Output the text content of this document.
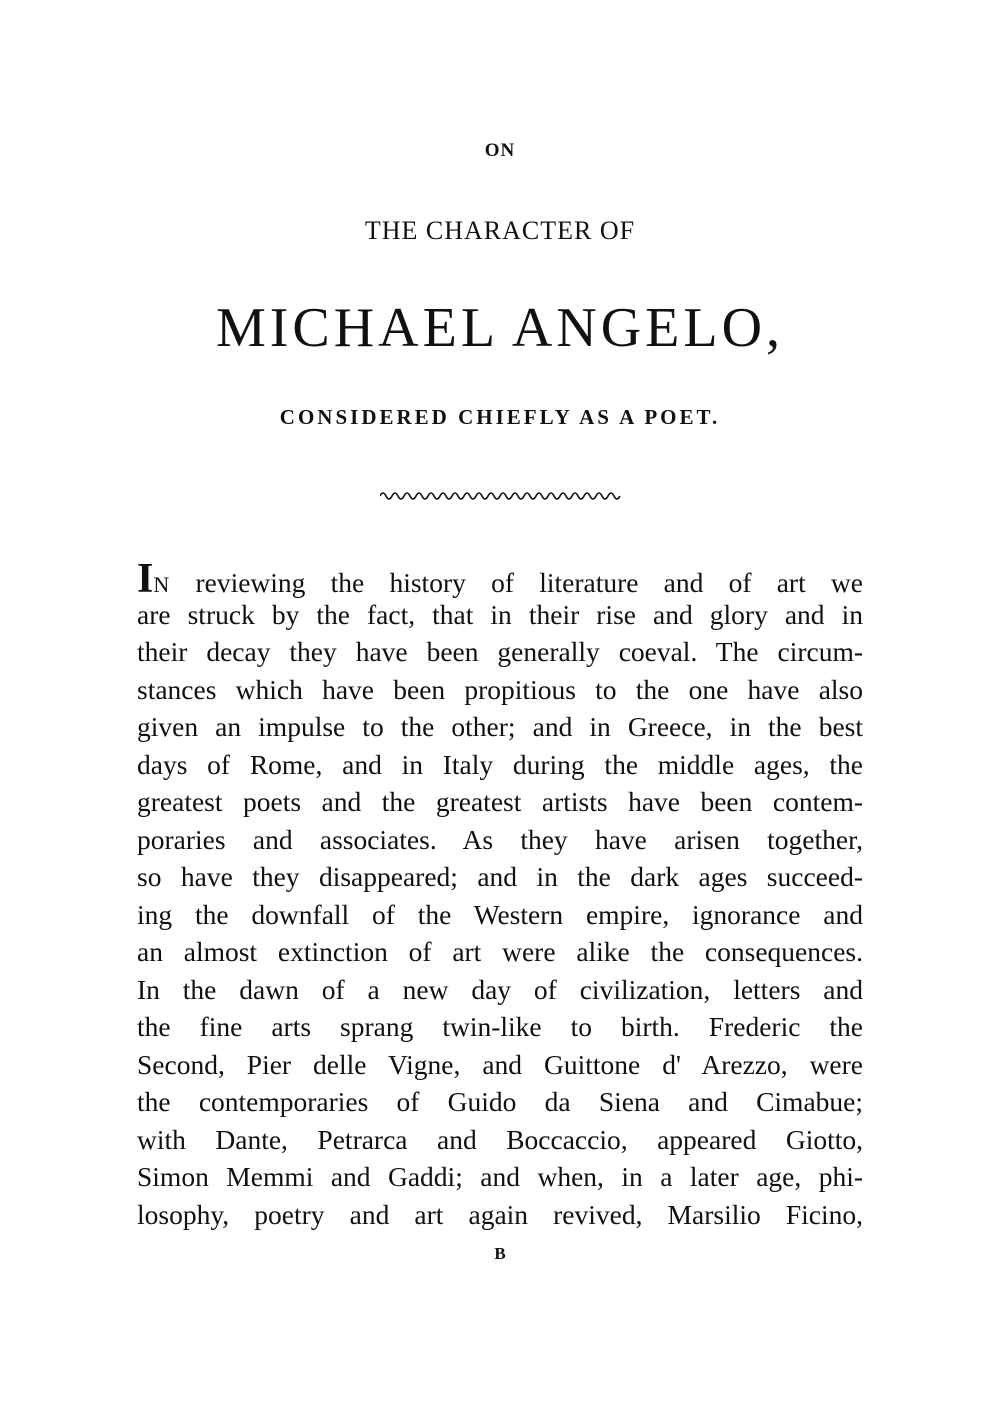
ON
THE CHARACTER OF
MICHAEL ANGELO,
CONSIDERED CHIEFLY AS A POET.
IN reviewing the history of literature and of art we
are struck by the fact, that in their rise and glory and in
their decay they have been generally coeval. The circum-
stances which have been propitious to the one have also
given an impulse to the other; and in Greece, in the best
days of Rome, and in Italy during the middle ages, the
greatest poets and the greatest artists have been contem-
poraries and associates. As they have arisen together,
so have they disappeared; and in the dark ages succeed-
ing the downfall of the Western empire, ignorance and
an almost extinction of art were alike the consequences.
In the dawn of a new day of civilization, letters and
the fine arts sprang twin-like to birth. Frederic the
Second, Pier delle Vigne, and Guittone d' Arezzo, were
the contemporaries of Guido da Siena and Cimabue;
with Dante, Petrarca and Boccaccio, appeared Giotto,
Simon Memmi and Gaddi; and when, in a later age, phi-
losophy, poetry and art again revived, Marsilio Ficino,
B
